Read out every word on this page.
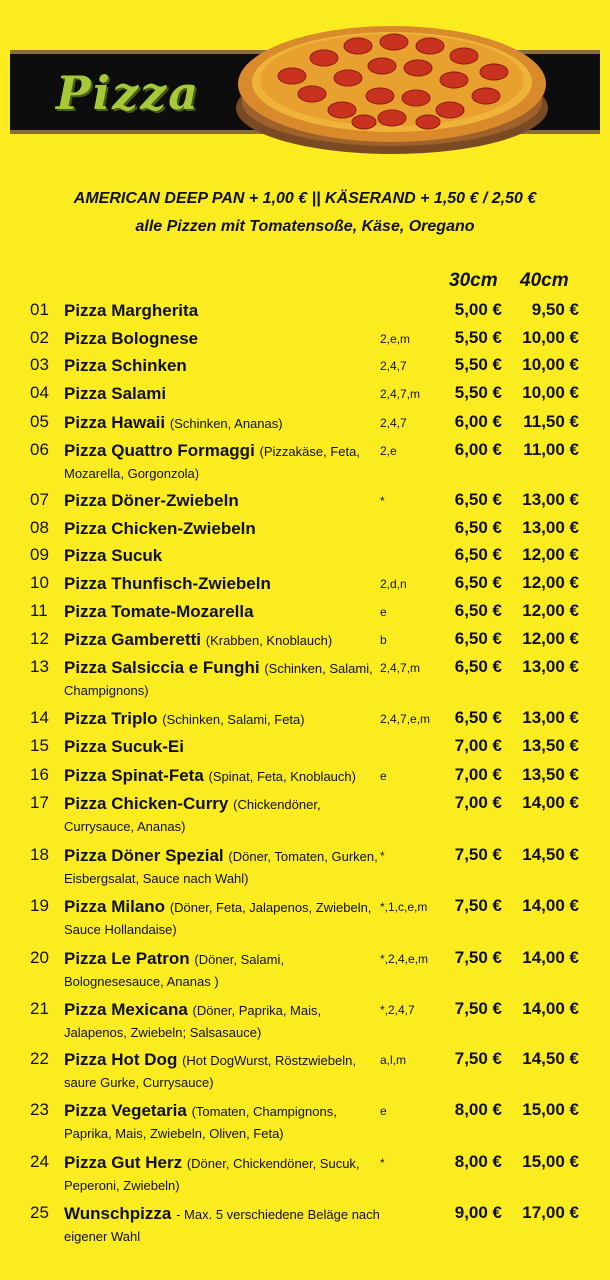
Pizza
AMERICAN DEEP PAN + 1,00 € || KÄSERAND + 1,50 € / 2,50 €
alle Pizzen mit Tomatensoße, Käse, Oregano
30cm 40cm
01 Pizza Margherita	5,00 € 9,50 €
02 Pizza Bolognese	2,e,m	5,50 € 10,00 €
03 Pizza Schinken	2,4,7	5,50 € 10,00 €
04 Pizza Salami	2,4,7,m 5,50 € 10,00 €
05 Pizza Hawaii (Schinken, Ananas)	2,4,7	6,00 € 11,50 €
06 Pizza Quattro Formaggi (Pizzakäse, Feta, Mozarella, Gorgonzola)
2,e	6,00 € 11,00 €
07 Pizza Döner-Zwiebeln	*	6,50 € 13,00 €
08 Pizza Chicken-Zwiebeln	6,50 € 13,00 €
09 Pizza Sucuk	6,50 € 12,00 €
10 Pizza Thunfisch-Zwiebeln	2,d,n	6,50 € 12,00 €
11 Pizza Tomate-Mozarella	e	6,50 € 12,00 €
12 Pizza Gamberetti (Krabben, Knoblauch)	b	6,50 € 12,00 €
13 Pizza Salsiccia e Funghi (Schinken, Salami, Champignons)
2,4,7,m 6,50 € 13,00 €
14 Pizza Triplo (Schinken, Salami, Feta)	2,4,7,e,m 6,50 € 13,00 €
15 Pizza Sucuk-Ei	7,00 € 13,50 €
16 Pizza Spinat-Feta (Spinat, Feta, Knoblauch)	e	7,00 € 13,50 €
17 Pizza Chicken-Curry (Chickendöner, Currysauce, Ananas)
7,00 € 14,00 €
18 Pizza Döner Spezial (Döner, Tomaten, Gurken, Eisbergsalat, Sauce nach Wahl)
*	7,50 € 14,50 €
19 Pizza Milano (Döner, Feta, Jalapenos, Zwiebeln, Sauce Hollandaise)
*,1,c,e,m 7,50 € 14,00 €
20 Pizza Le Patron (Döner, Salami, Bolognesesauce, Ananas )
*,2,4,e,m 7,50 € 14,00 €
21 Pizza Mexicana (Döner, Paprika, Mais, Jalapenos, Zwiebeln; Salsasauce)
*,2,4,7 7,50 € 14,00 €
22 Pizza Hot Dog (Hot DogWurst, Röstzwiebeln, saure Gurke, Currysauce)
a,l,m	7,50 € 14,50 €
23 Pizza Vegetaria (Tomaten, Champignons, Paprika, Mais, Zwiebeln, Oliven, Feta)
e	8,00 € 15,00 €
24 Pizza Gut Herz (Döner, Chickendöner, Sucuk, Peperoni, Zwiebeln)
*	8,00 € 15,00 €
25 Wunschpizza - Max. 5 verschiedene Beläge nach eigener Wahl
9,00 € 17,00 €
